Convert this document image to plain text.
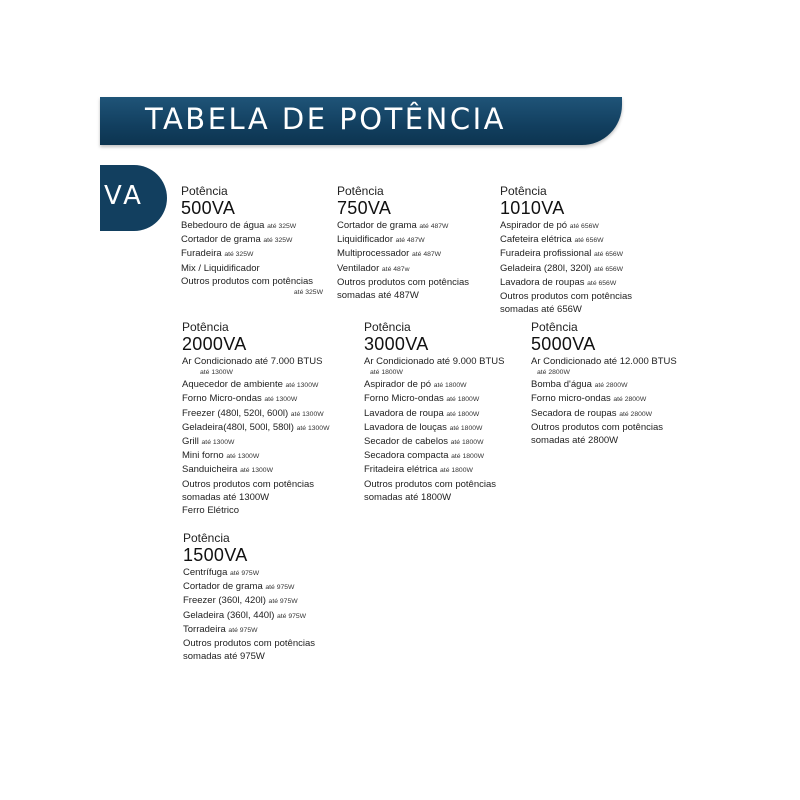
TABELA DE POTÊNCIA
VA	Potência
500VA
Bebedouro de água até 325W
Cortador de grama até 325W
Furadeira até 325W
Mix / Liquidificador
Outros produtos com potências
até 325W
Potência
750VA
Cortador de grama até 487W
Liquidificador até 487W
Multiprocessador até 487W
Ventilador até 487w
Outros produtos com potências
somadas até 487W
Potência
1010VA
Aspirador de pó até 656W
Cafeteira elétrica até 656W
Furadeira profissional até 656W
Geladeira (280l, 320l) até 656W
Lavadora de roupas até 656W
Outros produtos com potências
somadas até 656W
Potência
2000VA
Ar Condicionado até 7.000 BTUS
até 1300W
Aquecedor de ambiente até 1300W
Forno Micro-ondas até 1300W
Freezer (480l, 520l, 600l) até 1300W
Geladeira(480l, 500l, 580l) até 1300W
Grill até 1300W
Mini forno até 1300W
Sanduicheira até 1300W
Outros produtos com potências
somadas até 1300W
Ferro Elétrico
Potência
3000VA
Ar Condicionado até 9.000 BTUS
até 1800W
Aspirador de pó até 1800W
Forno Micro-ondas até 1800W
Lavadora de roupa até 1800W
Lavadora de louças até 1800W
Secador de cabelos até 1800W
Secadora compacta até 1800W
Fritadeira elétrica até 1800W
Outros produtos com potências
somadas até 1800W
Potência
5000VA
Ar Condicionado até 12.000 BTUS
até 2800W
Bomba d'água até 2800W
Forno micro-ondas até 2800W
Secadora de roupas até 2800W
Outros produtos com potências
somadas até 2800W
Potência
1500VA
Centrífuga até 975W
Cortador de grama até 975W
Freezer (360l, 420l) até 975W
Geladeira (360l, 440l) até 975W
Torradeira até 975W
Outros produtos com potências
somadas até 975W
